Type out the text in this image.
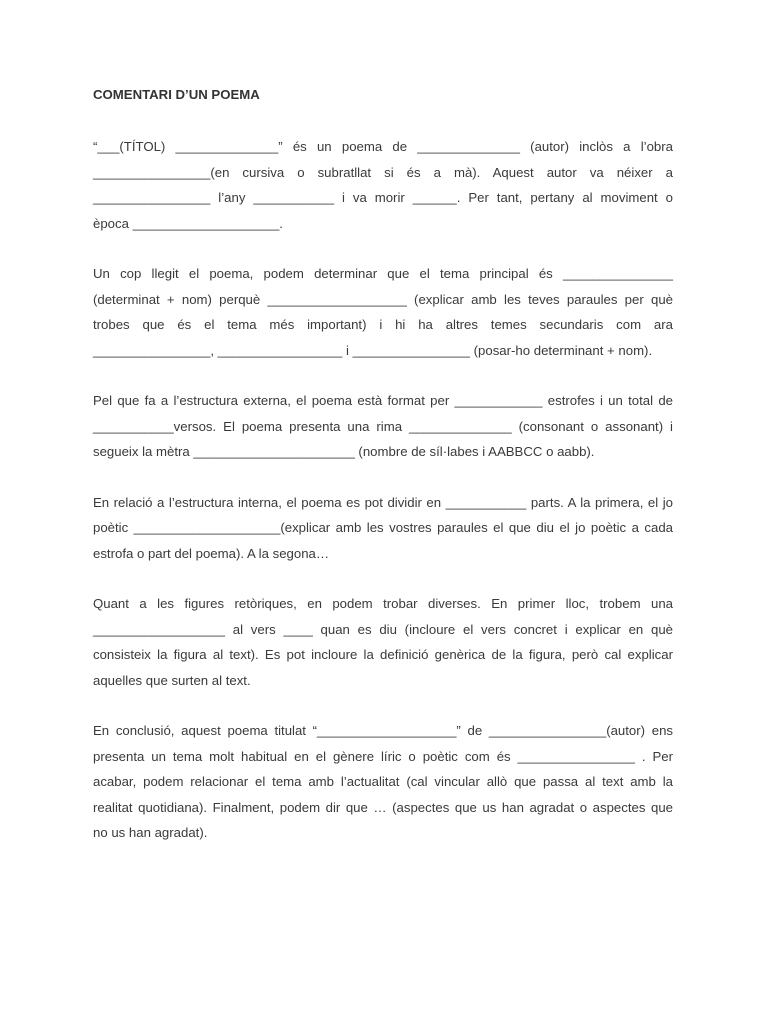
COMENTARI D’UN POEMA
“___(TÍTOL) ______________” és un poema de ______________ (autor) inclòs a l’obra
________________(en cursiva o subratllat si és a mà). Aquest autor va néixer a
________________ l’any ___________ i va morir ______. Per tant, pertany al moviment o
època ____________________.
Un cop llegit el poema, podem determinar que el tema principal és _______________
(determinat + nom) perquè ___________________ (explicar amb les teves paraules per què
trobes que és el tema més important) i hi ha altres temes secundaris com ara
________________, _________________ i ________________ (posar-ho determinant + nom).
Pel que fa a l’estructura externa, el poema està format per ____________ estrofes i un total de
___________versos. El poema presenta una rima ______________ (consonant o assonant) i
segueix la mètra ______________________ (nombre de síl·labes i AABBCC o aabb).
En relació a l’estructura interna, el poema es pot dividir en ___________ parts. A la primera, el jo
poètic ____________________(explicar amb les vostres paraules el que diu el jo poètic a cada
estrofa o part del poema). A la segona…
Quant a les figures retòriques, en podem trobar diverses. En primer lloc, trobem una
__________________ al vers ____ quan es diu (incloure el vers concret i explicar en què
consisteix la figura al text). Es pot incloure la definició genèrica de la figura, però cal explicar
aquelles que surten al text.
En conclusió, aquest poema titulat “___________________” de ________________(autor) ens
presenta un tema molt habitual en el gènere líric o poètic com és ________________ . Per
acabar, podem relacionar el tema amb l’actualitat (cal vincular allò que passa al text amb la
realitat quotidiana). Finalment, podem dir que … (aspectes que us han agradat o aspectes que
no us han agradat).
